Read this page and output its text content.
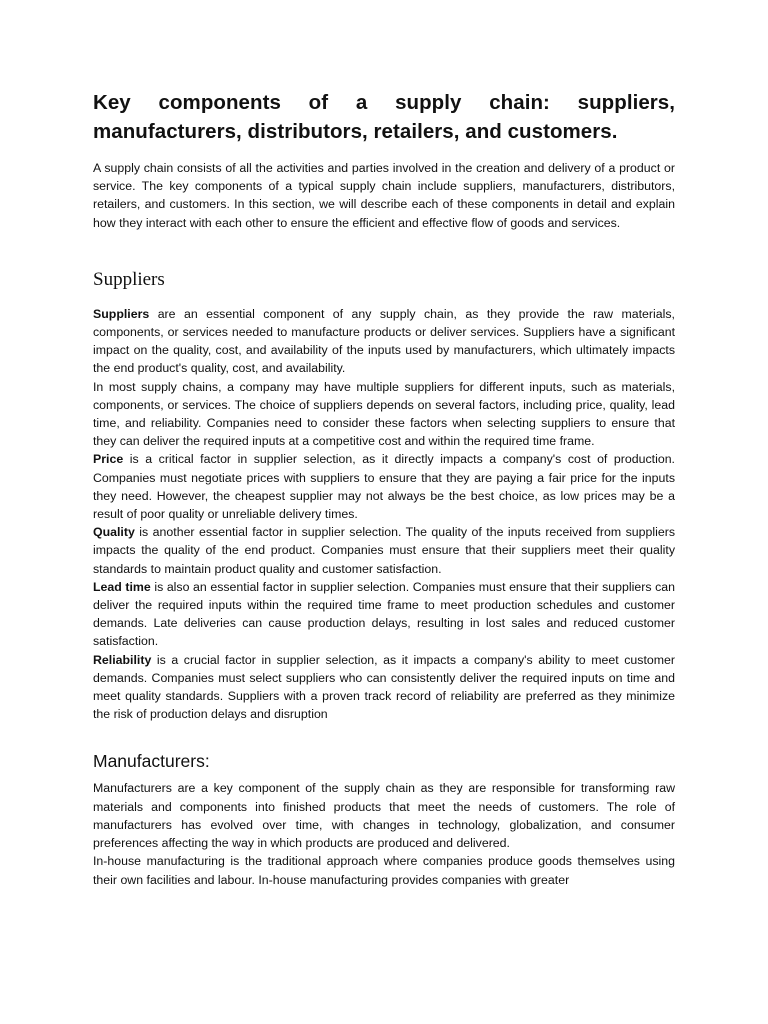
Key components of a supply chain: suppliers, manufacturers, distributors, retailers, and customers.

A supply chain consists of all the activities and parties involved in the creation and delivery of a product or service. The key components of a typical supply chain include suppliers, manufacturers, distributors, retailers, and customers. In this section, we will describe each of these components in detail and explain how they interact with each other to ensure the efficient and effective flow of goods and services.

Suppliers

Suppliers are an essential component of any supply chain, as they provide the raw materials, components, or services needed to manufacture products or deliver services. Suppliers have a significant impact on the quality, cost, and availability of the inputs used by manufacturers, which ultimately impacts the end product's quality, cost, and availability.

In most supply chains, a company may have multiple suppliers for different inputs, such as materials, components, or services. The choice of suppliers depends on several factors, including price, quality, lead time, and reliability. Companies need to consider these factors when selecting suppliers to ensure that they can deliver the required inputs at a competitive cost and within the required time frame.

Price is a critical factor in supplier selection, as it directly impacts a company's cost of production. Companies must negotiate prices with suppliers to ensure that they are paying a fair price for the inputs they need. However, the cheapest supplier may not always be the best choice, as low prices may be a result of poor quality or unreliable delivery times.

Quality is another essential factor in supplier selection. The quality of the inputs received from suppliers impacts the quality of the end product. Companies must ensure that their suppliers meet their quality standards to maintain product quality and customer satisfaction.

Lead time is also an essential factor in supplier selection. Companies must ensure that their suppliers can deliver the required inputs within the required time frame to meet production schedules and customer demands. Late deliveries can cause production delays, resulting in lost sales and reduced customer satisfaction.

Reliability is a crucial factor in supplier selection, as it impacts a company's ability to meet customer demands. Companies must select suppliers who can consistently deliver the required inputs on time and meet quality standards. Suppliers with a proven track record of reliability are preferred as they minimize the risk of production delays and disruption

Manufacturers:

Manufacturers are a key component of the supply chain as they are responsible for transforming raw materials and components into finished products that meet the needs of customers. The role of manufacturers has evolved over time, with changes in technology, globalization, and consumer preferences affecting the way in which products are produced and delivered.

In-house manufacturing is the traditional approach where companies produce goods themselves using their own facilities and labour. In-house manufacturing provides companies with greater
